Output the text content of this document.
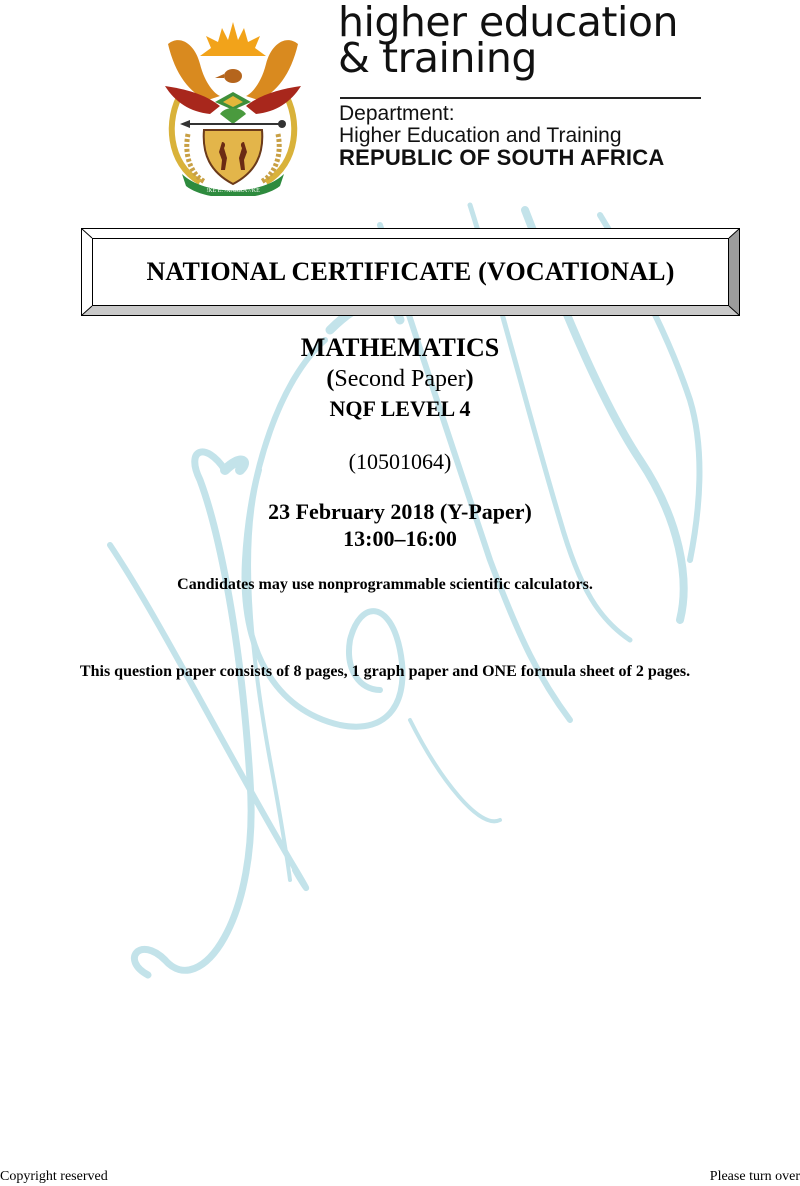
!KE E: /XARRA //KE
higher education
& training
Department:
Higher Education and Training
REPUBLIC OF SOUTH AFRICA
NATIONAL CERTIFICATE (VOCATIONAL)
MATHEMATICS
(Second Paper)
NQF LEVEL 4
(10501064)
23 February 2018 (Y-Paper)
13:00–16:00
Candidates may use nonprogrammable scientific calculators.
This question paper consists of 8 pages, 1 graph paper and ONE formula sheet of 2 pages.
Copyright reserved	Please turn over
